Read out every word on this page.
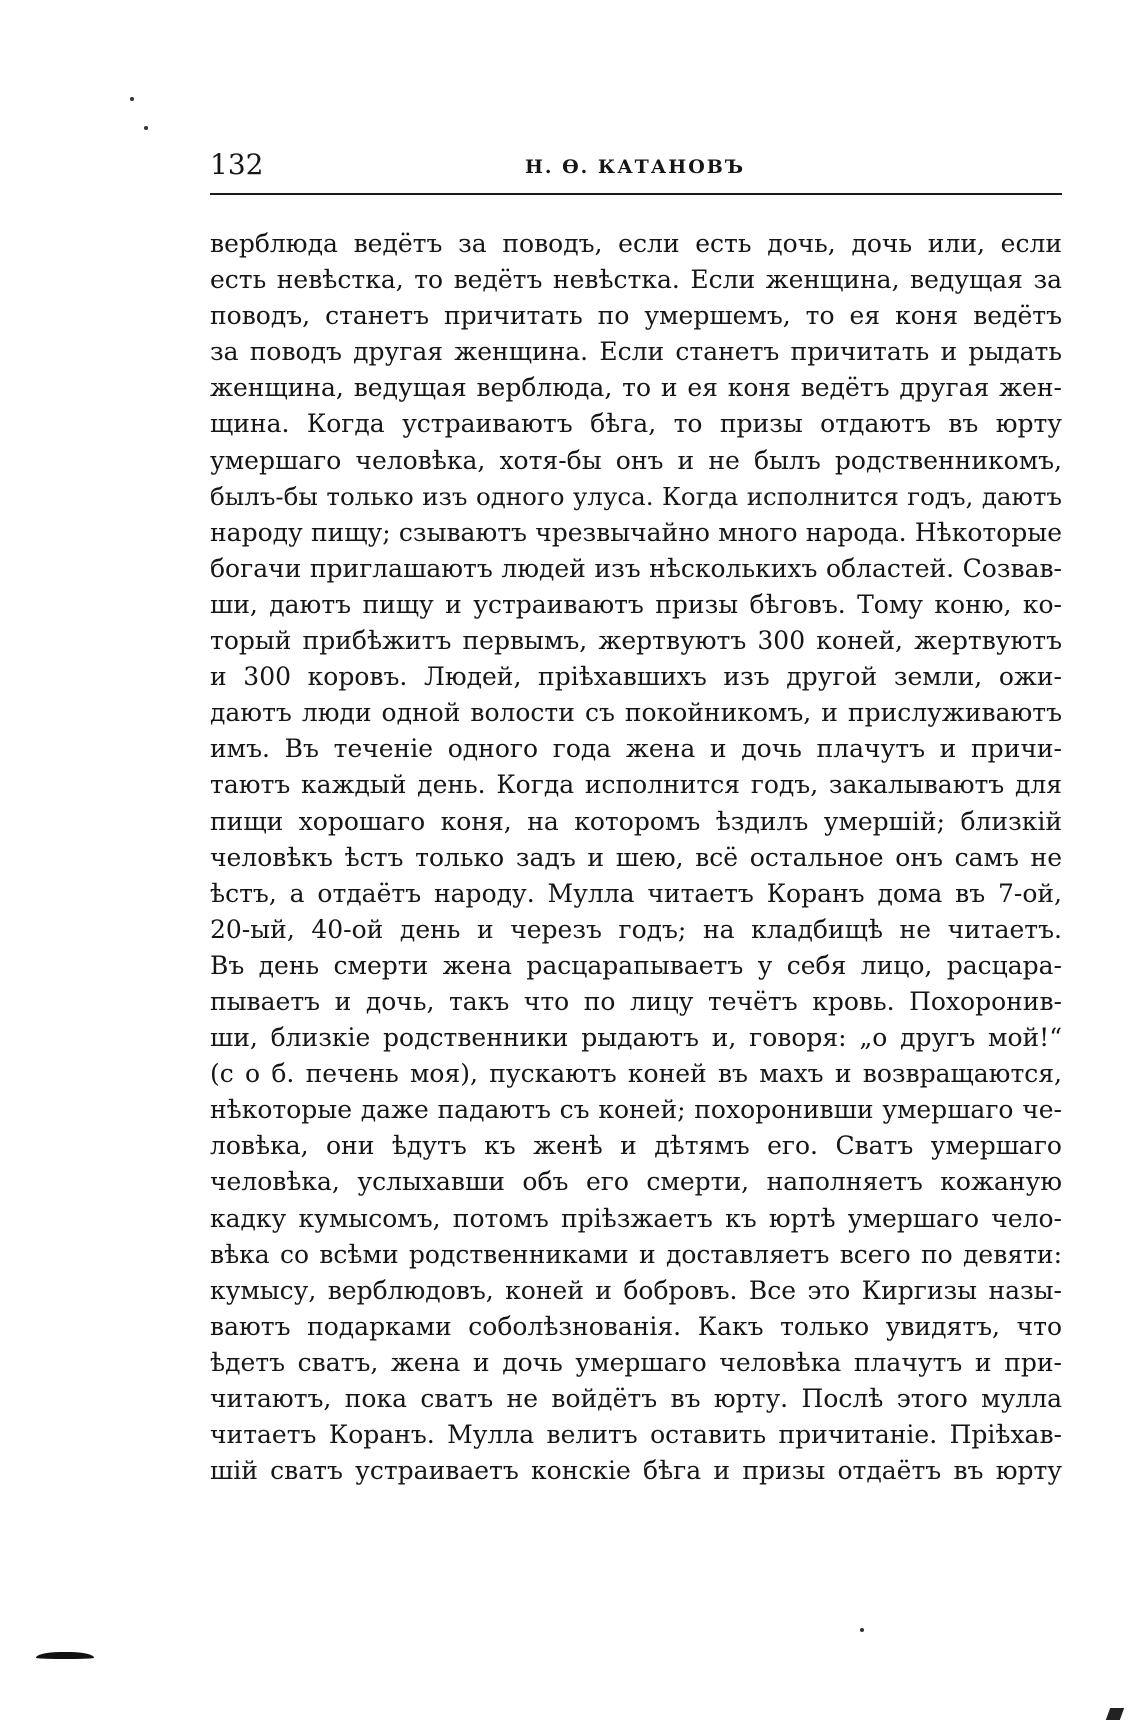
132	Н. Ѳ. КАТАНОВЪ
верблюда ведётъ за поводъ, если есть дочь, дочь или, если
есть невѣстка, то ведётъ невѣстка. Если женщина, ведущая за
поводъ, станетъ причитать по умершемъ, то ея коня ведётъ
за поводъ другая женщина. Если станетъ причитать и рыдать
женщина, ведущая верблюда, то и ея коня ведётъ другая жен-
щина. Когда устраиваютъ бѣга, то призы отдаютъ въ юрту
умершаго человѣка, хотя-бы онъ и не былъ родственникомъ,
былъ-бы только изъ одного улуса. Когда исполнится годъ, даютъ
народу пищу; сзываютъ чрезвычайно много народа. Нѣкоторые
богачи приглашаютъ людей изъ нѣсколькихъ областей. Созвав-
ши, даютъ пищу и устраиваютъ призы бѣговъ. Тому коню, ко-
торый прибѣжитъ первымъ, жертвуютъ 300 коней, жертвуютъ
и 300 коровъ. Людей, пріѣхавшихъ изъ другой земли, ожи-
даютъ люди одной волости съ покойникомъ, и прислуживаютъ
имъ. Въ теченіе одного года жена и дочь плачутъ и причи-
таютъ каждый день. Когда исполнится годъ, закалываютъ для
пищи хорошаго коня, на которомъ ѣздилъ умершій; близкій
человѣкъ ѣстъ только задъ и шею, всё остальное онъ самъ не
ѣстъ, а отдаётъ народу. Мулла читаетъ Коранъ дома въ 7-ой,
20-ый, 40-ой день и черезъ годъ; на кладбищѣ не читаетъ.
Въ день смерти жена расцарапываетъ у себя лицо, расцара-
пываетъ и дочь, такъ что по лицу течётъ кровь. Похоронив-
ши, близкіе родственники рыдаютъ и, говоря: „о другъ мой!“
(с о б. печень моя), пускаютъ коней въ махъ и возвращаются,
нѣкоторые даже падаютъ съ коней; похоронивши умершаго че-
ловѣка, они ѣдутъ къ женѣ и дѣтямъ его. Сватъ умершаго
человѣка, услыхавши объ его смерти, наполняетъ кожаную
кадку кумысомъ, потомъ пріѣзжаетъ къ юртѣ умершаго чело-
вѣка со всѣми родственниками и доставляетъ всего по девяти:
кумысу, верблюдовъ, коней и бобровъ. Все это Киргизы назы-
ваютъ подарками соболѣзнованія. Какъ только увидятъ, что
ѣдетъ сватъ, жена и дочь умершаго человѣка плачутъ и при-
читаютъ, пока сватъ не войдётъ въ юрту. Послѣ этого мулла
читаетъ Коранъ. Мулла велитъ оставить причитаніе. Пріѣхав-
шій сватъ устраиваетъ конскіе бѣга и призы отдаётъ въ юрту
